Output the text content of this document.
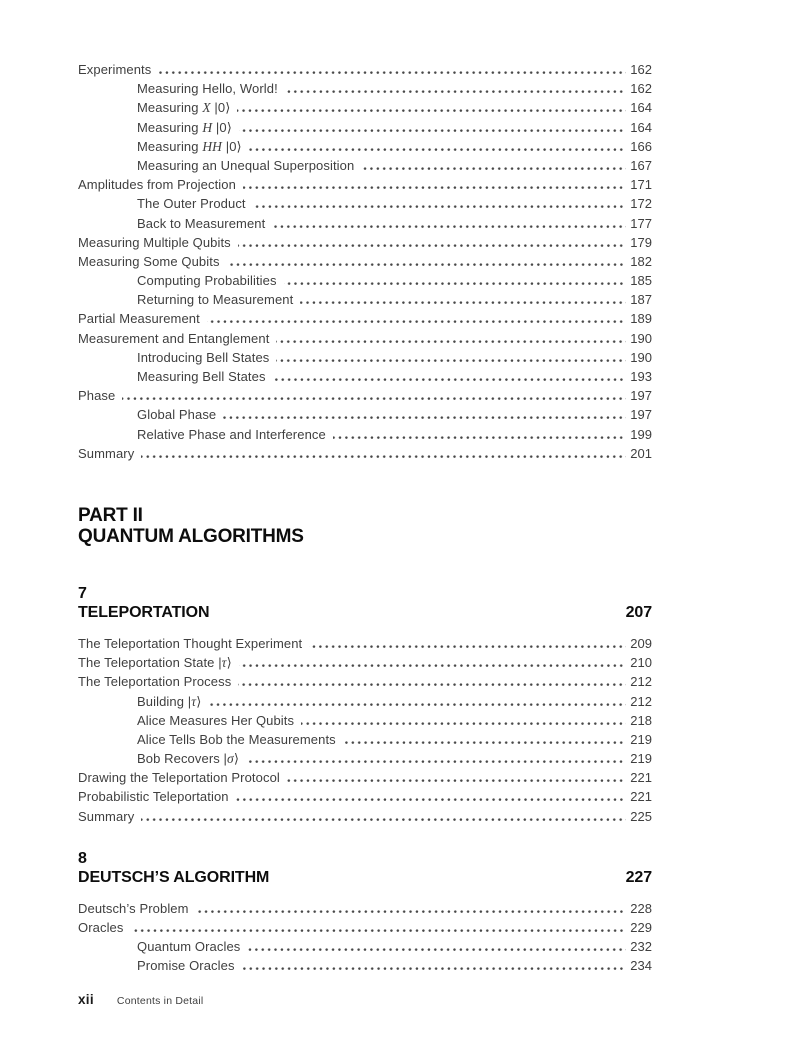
Experiments	162
Measuring Hello, World!	162
Measuring X |0⟩	164
Measuring H |0⟩	164
Measuring HH |0⟩	166
Measuring an Unequal Superposition	167
Amplitudes from Projection	171
The Outer Product	172
Back to Measurement	177
Measuring Multiple Qubits	179
Measuring Some Qubits	182
Computing Probabilities	185
Returning to Measurement	187
Partial Measurement	189
Measurement and Entanglement	190
Introducing Bell States	190
Measuring Bell States	193
Phase	197
Global Phase	197
Relative Phase and Interference	199
Summary	201
PART II
QUANTUM ALGORITHMS
7
TELEPORTATION	207
The Teleportation Thought Experiment	209
The Teleportation State |τ⟩	210
The Teleportation Process	212
Building |τ⟩	212
Alice Measures Her Qubits	218
Alice Tells Bob the Measurements	219
Bob Recovers |σ⟩	219
Drawing the Teleportation Protocol	221
Probabilistic Teleportation	221
Summary	225
8
DEUTSCH’S ALGORITHM	227
Deutsch’s Problem	228
Oracles	229
Quantum Oracles	232
Promise Oracles	234
xii Contents in Detail
